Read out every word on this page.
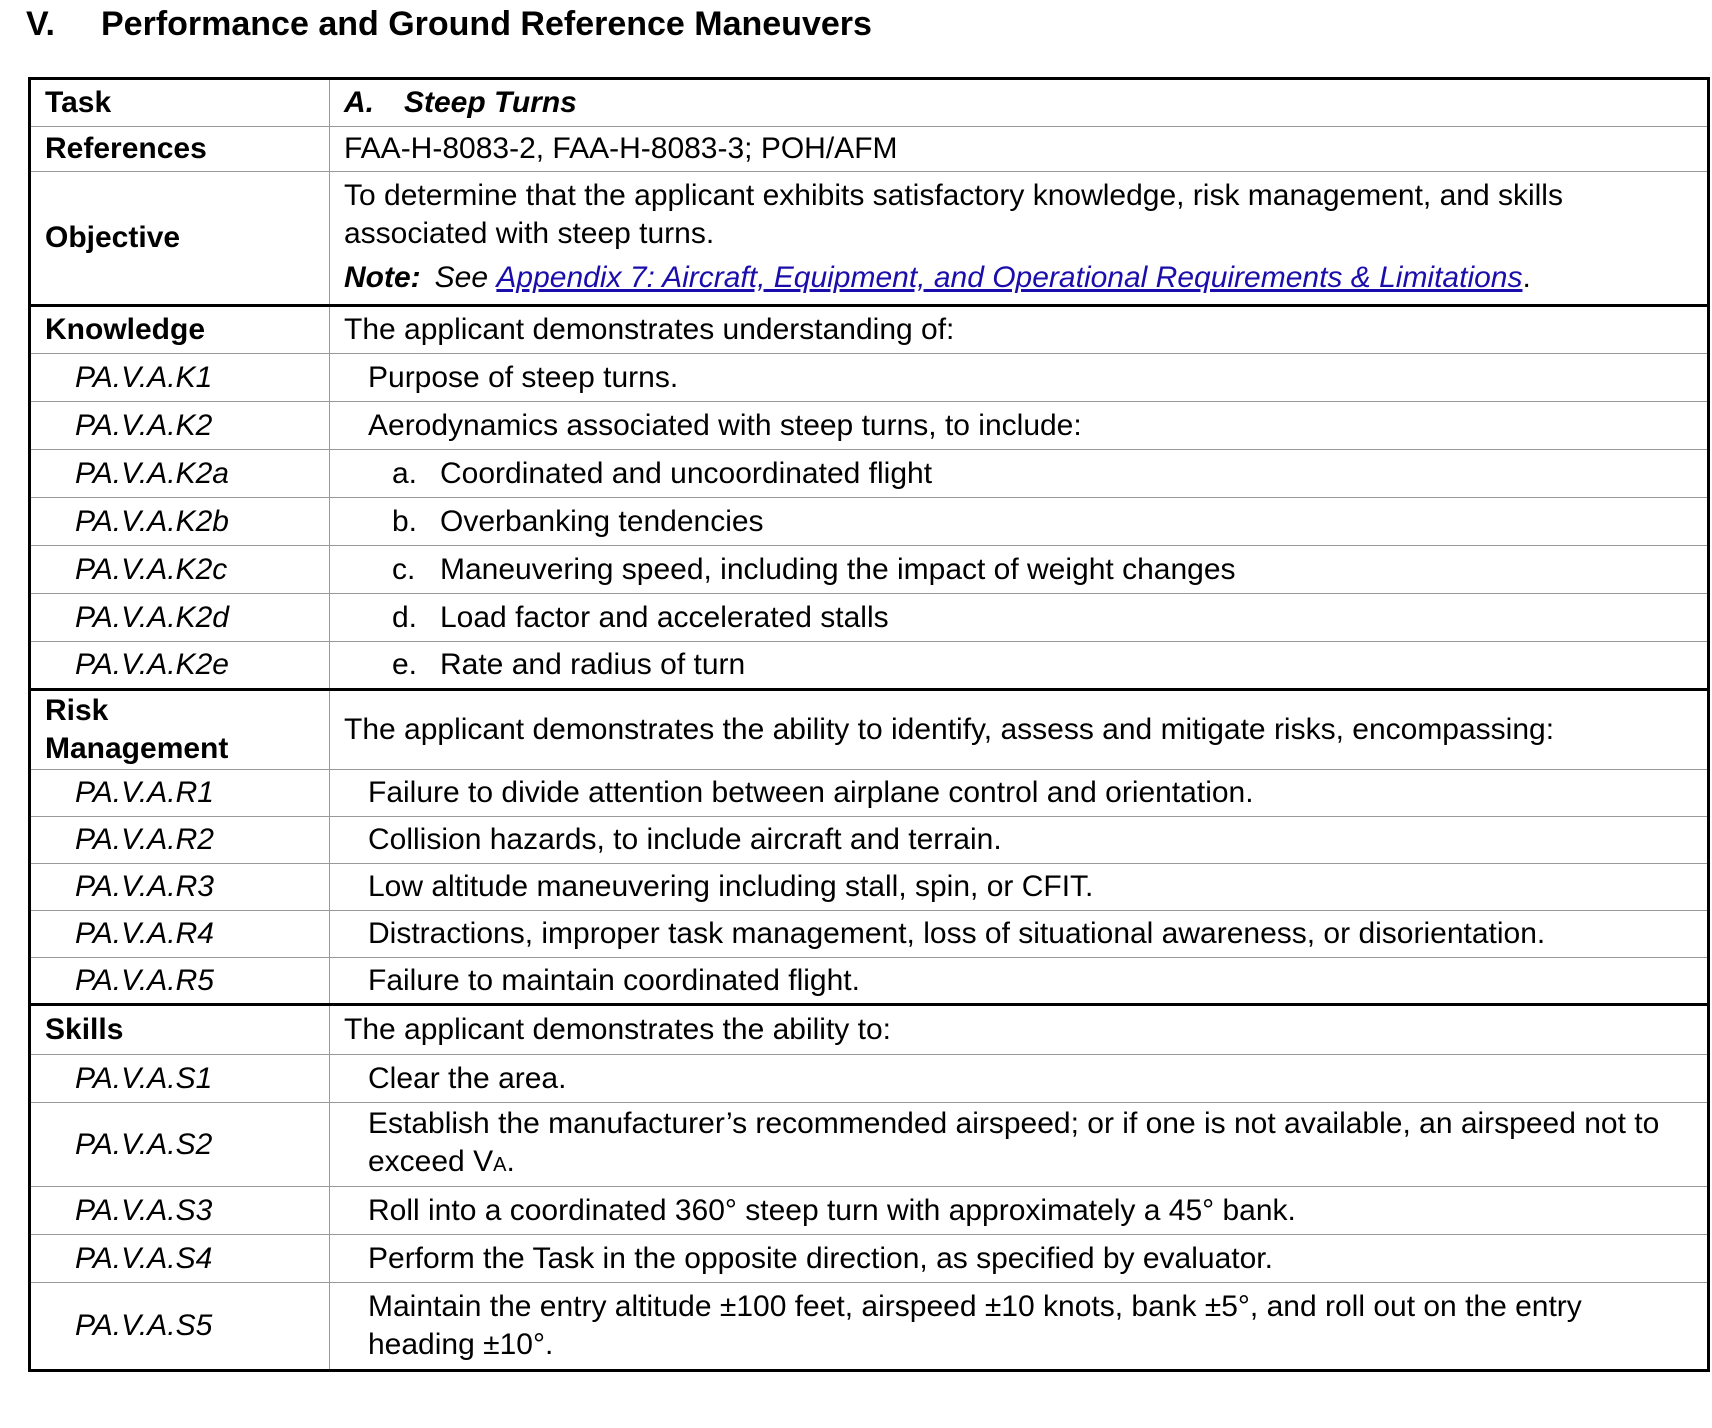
V.	Performance and Ground Reference Maneuvers
Task	A. Steep Turns
References	FAA-H-8083-2, FAA-H-8083-3; POH/AFM
Objective	To determine that the applicant exhibits satisfactory knowledge, risk management, and skills associated with steep turns.
Note: See Appendix 7: Aircraft, Equipment, and Operational Requirements & Limitations.

Knowledge	The applicant demonstrates understanding of:
PA.V.A.K1	Purpose of steep turns.
PA.V.A.K2	Aerodynamics associated with steep turns, to include:
PA.V.A.K2a	a. Coordinated and uncoordinated flight
PA.V.A.K2b	b. Overbanking tendencies
PA.V.A.K2c	c. Maneuvering speed, including the impact of weight changes
PA.V.A.K2d	d. Load factor and accelerated stalls
PA.V.A.K2e	e. Rate and radius of turn
Risk
Management	The applicant demonstrates the ability to identify, assess and mitigate risks, encompassing:
PA.V.A.R1	Failure to divide attention between airplane control and orientation.
PA.V.A.R2	Collision hazards, to include aircraft and terrain.
PA.V.A.R3	Low altitude maneuvering including stall, spin, or CFIT.
PA.V.A.R4	Distractions, improper task management, loss of situational awareness, or disorientation.
PA.V.A.R5	Failure to maintain coordinated flight.
Skills	The applicant demonstrates the ability to:
PA.V.A.S1	Clear the area.
PA.V.A.S2	Establish the manufacturer’s recommended airspeed; or if one is not available, an airspeed not to exceed VA.
PA.V.A.S3	Roll into a coordinated 360° steep turn with approximately a 45° bank.
PA.V.A.S4	Perform the Task in the opposite direction, as specified by evaluator.
PA.V.A.S5	Maintain the entry altitude ±100 feet, airspeed ±10 knots, bank ±5°, and roll out on the entry heading ±10°.
